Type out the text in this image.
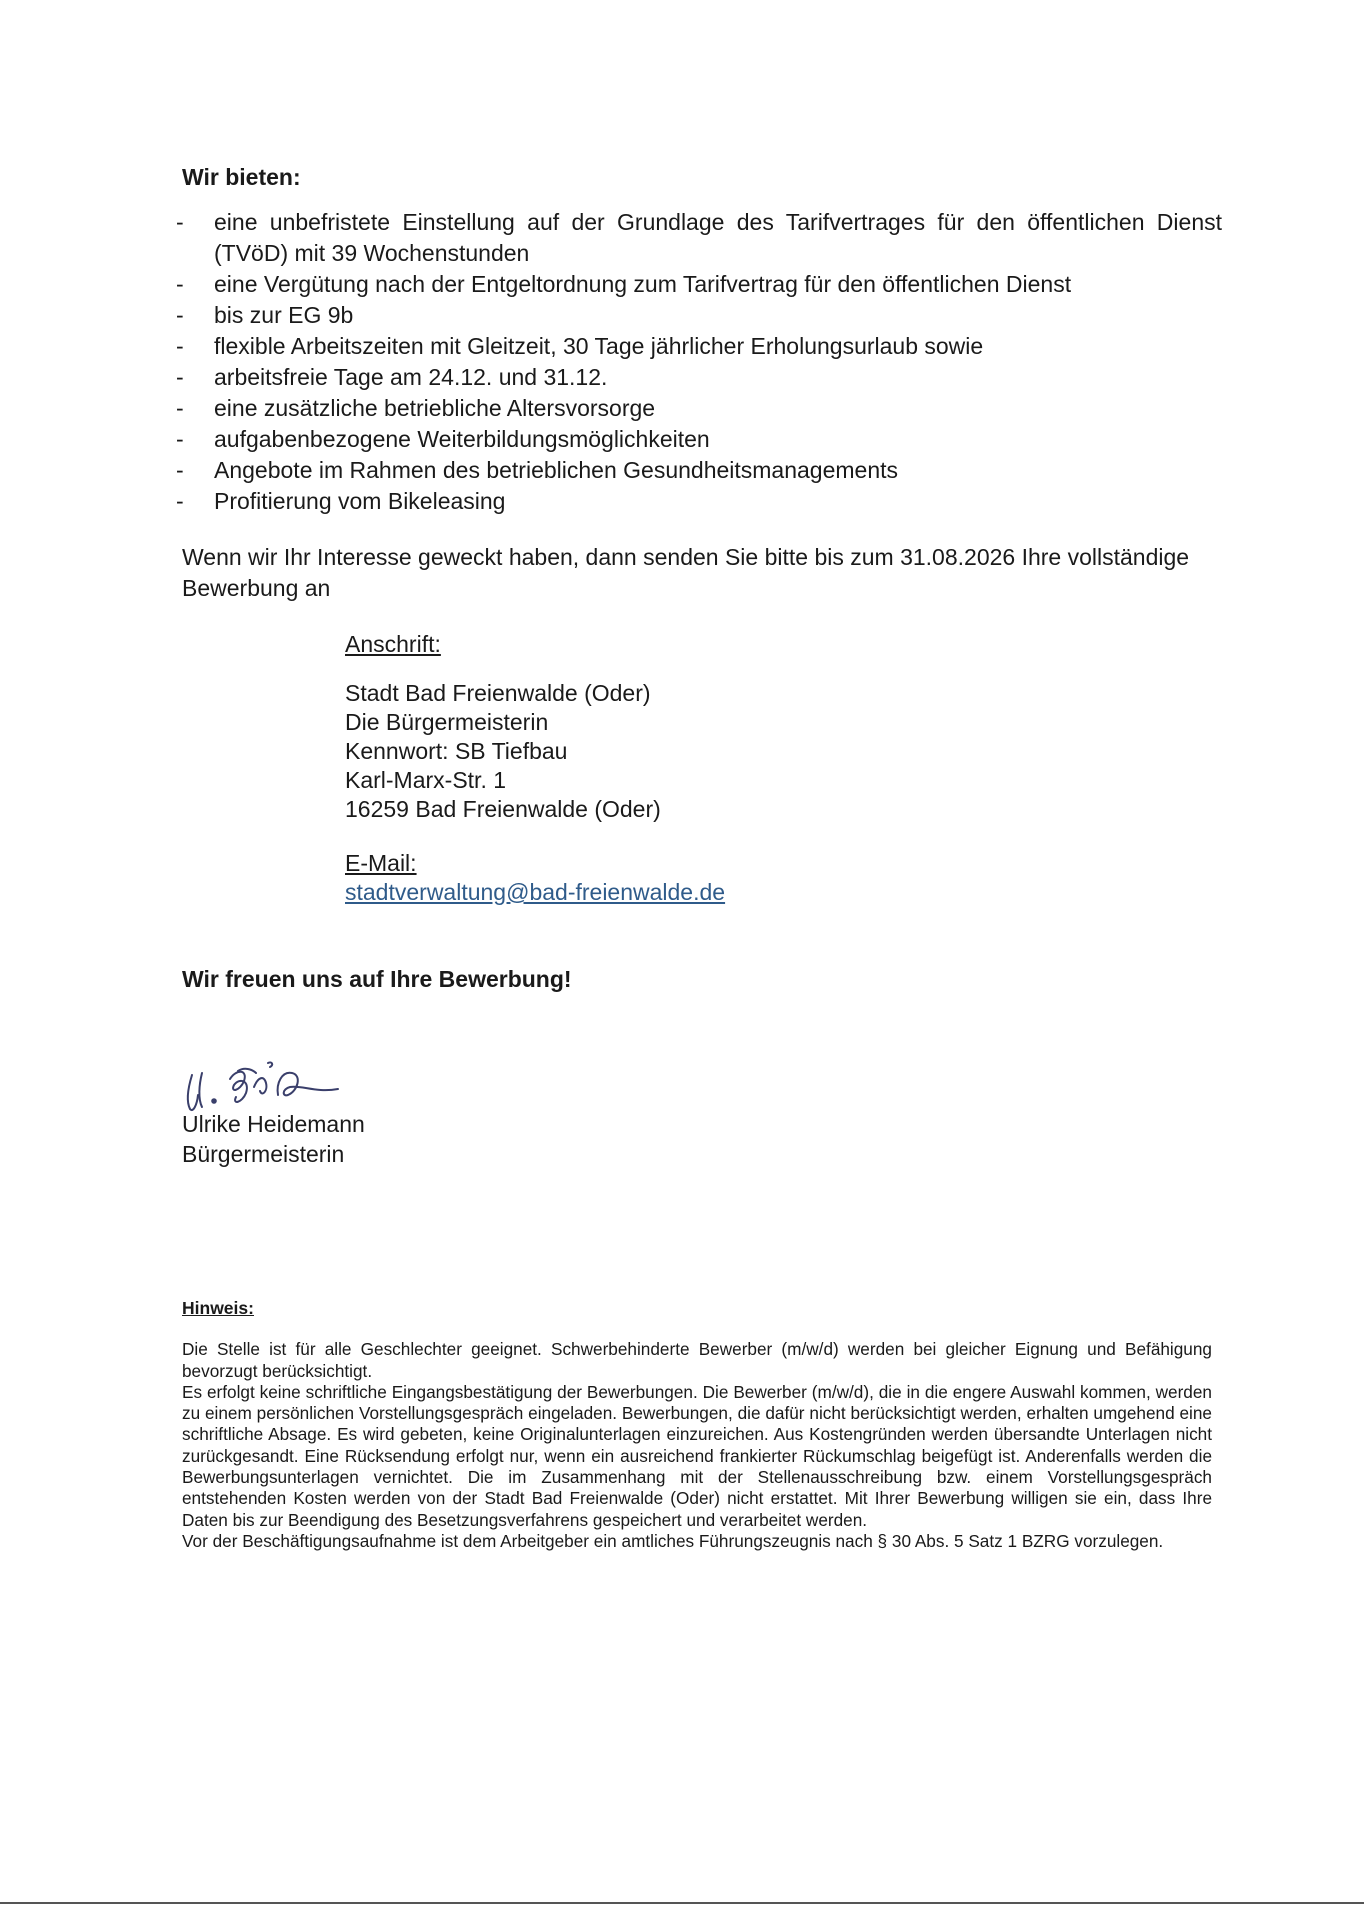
Wir bieten:
- eine unbefristete Einstellung auf der Grundlage des Tarifvertrages für den öffentlichen Dienst (TVöD) mit 39 Wochenstunden
- eine Vergütung nach der Entgeltordnung zum Tarifvertrag für den öffentlichen Dienst
- bis zur EG 9b
- flexible Arbeitszeiten mit Gleitzeit, 30 Tage jährlicher Erholungsurlaub sowie
- arbeitsfreie Tage am 24.12. und 31.12.
- eine zusätzliche betriebliche Altersvorsorge
- aufgabenbezogene Weiterbildungsmöglichkeiten
- Angebote im Rahmen des betrieblichen Gesundheitsmanagements
- Profitierung vom Bikeleasing
Wenn wir Ihr Interesse geweckt haben, dann senden Sie bitte bis zum 31.08.2026 Ihre vollständige Bewerbung an
Anschrift:
Stadt Bad Freienwalde (Oder)
Die Bürgermeisterin
Kennwort: SB Tiefbau
Karl-Marx-Str. 1
16259 Bad Freienwalde (Oder)
E-Mail:
stadtverwaltung@bad-freienwalde.de
Wir freuen uns auf Ihre Bewerbung!
Ulrike Heidemann
Bürgermeisterin
Hinweis:

Die Stelle ist für alle Geschlechter geeignet. Schwerbehinderte Bewerber (m/w/d) werden bei gleicher Eignung und Befähigung bevorzugt berücksichtigt.

Es erfolgt keine schriftliche Eingangsbestätigung der Bewerbungen. Die Bewerber (m/w/d), die in die engere Auswahl kommen, werden zu einem persönlichen Vorstellungsgespräch eingeladen. Bewerbungen, die dafür nicht berücksichtigt werden, erhalten umgehend eine schriftliche Absage. Es wird gebeten, keine Originalunterlagen einzureichen. Aus Kostengründen werden übersandte Unterlagen nicht zurückgesandt. Eine Rücksendung erfolgt nur, wenn ein ausreichend frankierter Rückumschlag beigefügt ist. Anderenfalls werden die Bewerbungsunterlagen vernichtet. Die im Zusammenhang mit der Stellenausschreibung bzw. einem Vorstellungsgespräch entstehenden Kosten werden von der Stadt Bad Freienwalde (Oder) nicht erstattet. Mit Ihrer Bewerbung willigen sie ein, dass Ihre Daten bis zur Beendigung des Besetzungsverfahrens gespeichert und verarbeitet werden.

Vor der Beschäftigungsaufnahme ist dem Arbeitgeber ein amtliches Führungszeugnis nach § 30 Abs. 5 Satz 1 BZRG vorzulegen.
